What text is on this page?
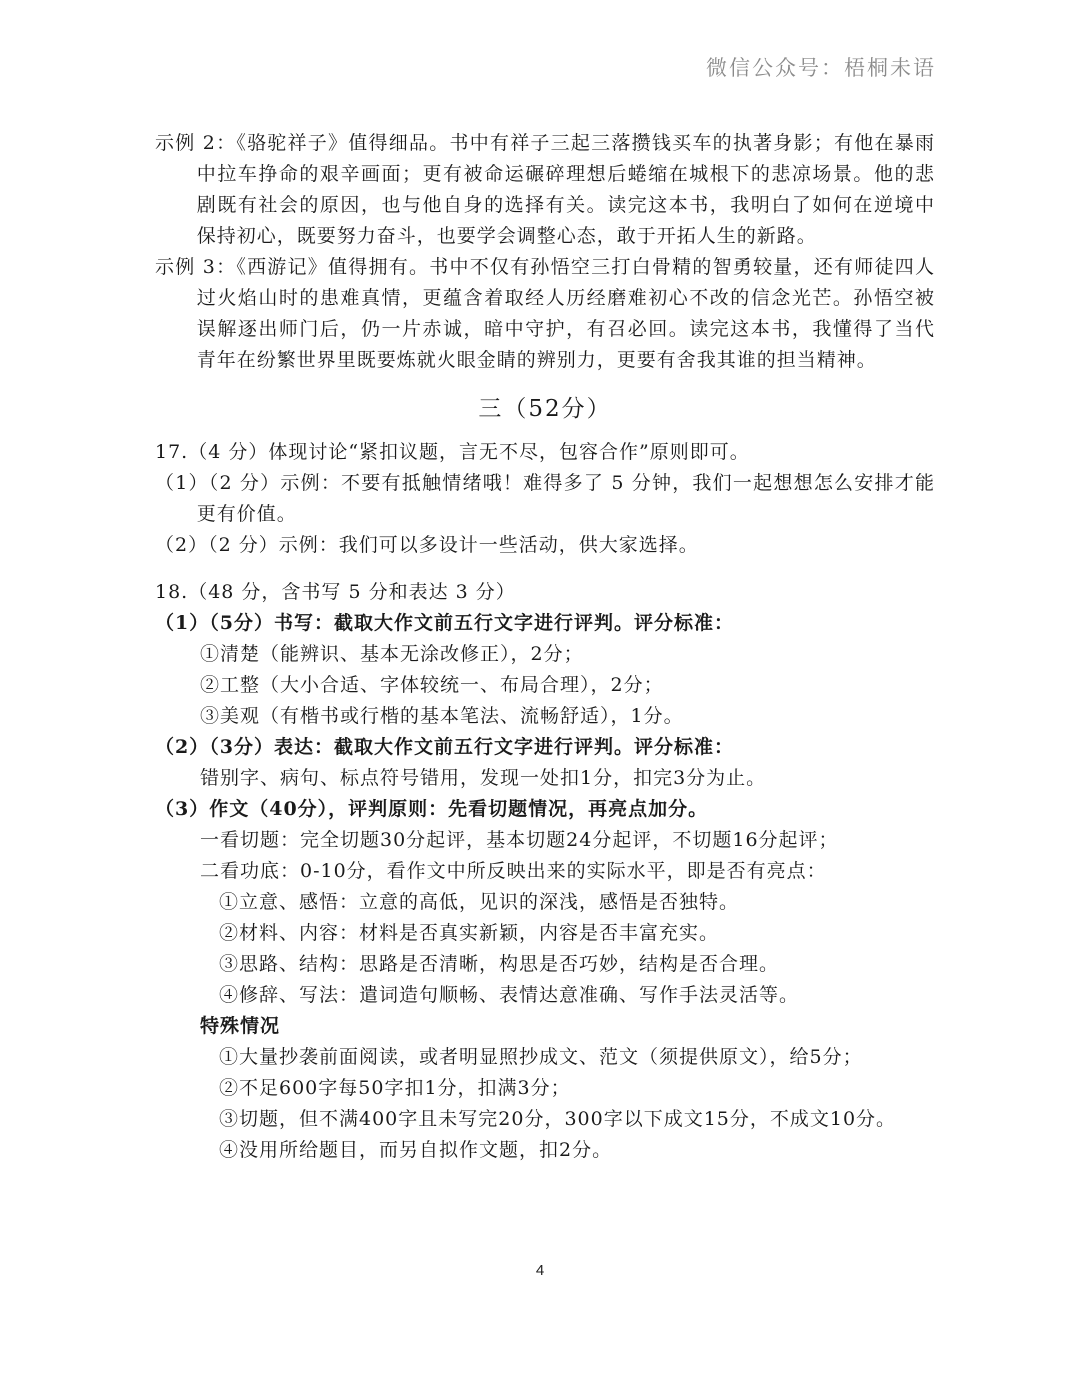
微信公众号：梧桐未语

示例 2：《骆驼祥子》值得细品。书中有祥子三起三落攒钱买车的执著身影；有他在暴雨中拉车挣命的艰辛画面；更有被命运碾碎理想后蜷缩在城根下的悲凉场景。他的悲剧既有社会的原因，也与他自身的选择有关。读完这本书，我明白了如何在逆境中保持初心，既要努力奋斗，也要学会调整心态，敢于开拓人生的新路。

示例 3：《西游记》值得拥有。书中不仅有孙悟空三打白骨精的智勇较量，还有师徒四人过火焰山时的患难真情，更蕴含着取经人历经磨难初心不改的信念光芒。孙悟空被误解逐出师门后，仍一片赤诚，暗中守护，有召必回。读完这本书，我懂得了当代青年在纷繁世界里既要炼就火眼金睛的辨别力，更要有舍我其谁的担当精神。

三（52分）

17.（4 分）体现讨论“紧扣议题，言无不尽，包容合作”原则即可。

（1）（2 分）示例：不要有抵触情绪哦！难得多了 5 分钟，我们一起想想怎么安排才能更有价值。

（2）（2 分）示例：我们可以多设计一些活动，供大家选择。

18.（48 分，含书写 5 分和表达 3 分）

（1）（5分）书写：截取大作文前五行文字进行评判。评分标准：

①清楚（能辨识、基本无涂改修正），2分；

②工整（大小合适、字体较统一、布局合理），2分；

③美观（有楷书或行楷的基本笔法、流畅舒适），1分。

（2）（3分）表达：截取大作文前五行文字进行评判。评分标准：

错别字、病句、标点符号错用，发现一处扣1分，扣完3分为止。

（3）作文（40分），评判原则：先看切题情况，再亮点加分。

一看切题：完全切题30分起评，基本切题24分起评，不切题16分起评；

二看功底：0-10分，看作文中所反映出来的实际水平，即是否有亮点：

①立意、感悟：立意的高低，见识的深浅，感悟是否独特。

②材料、内容：材料是否真实新颖，内容是否丰富充实。

③思路、结构：思路是否清晰，构思是否巧妙，结构是否合理。

④修辞、写法：遣词造句顺畅、表情达意准确、写作手法灵活等。

特殊情况

①大量抄袭前面阅读，或者明显照抄成文、范文（须提供原文），给5分；

②不足600字每50字扣1分，扣满3分；

③切题，但不满400字且未写完20分，300字以下成文15分，不成文10分。

④没用所给题目，而另自拟作文题，扣2分。

4
